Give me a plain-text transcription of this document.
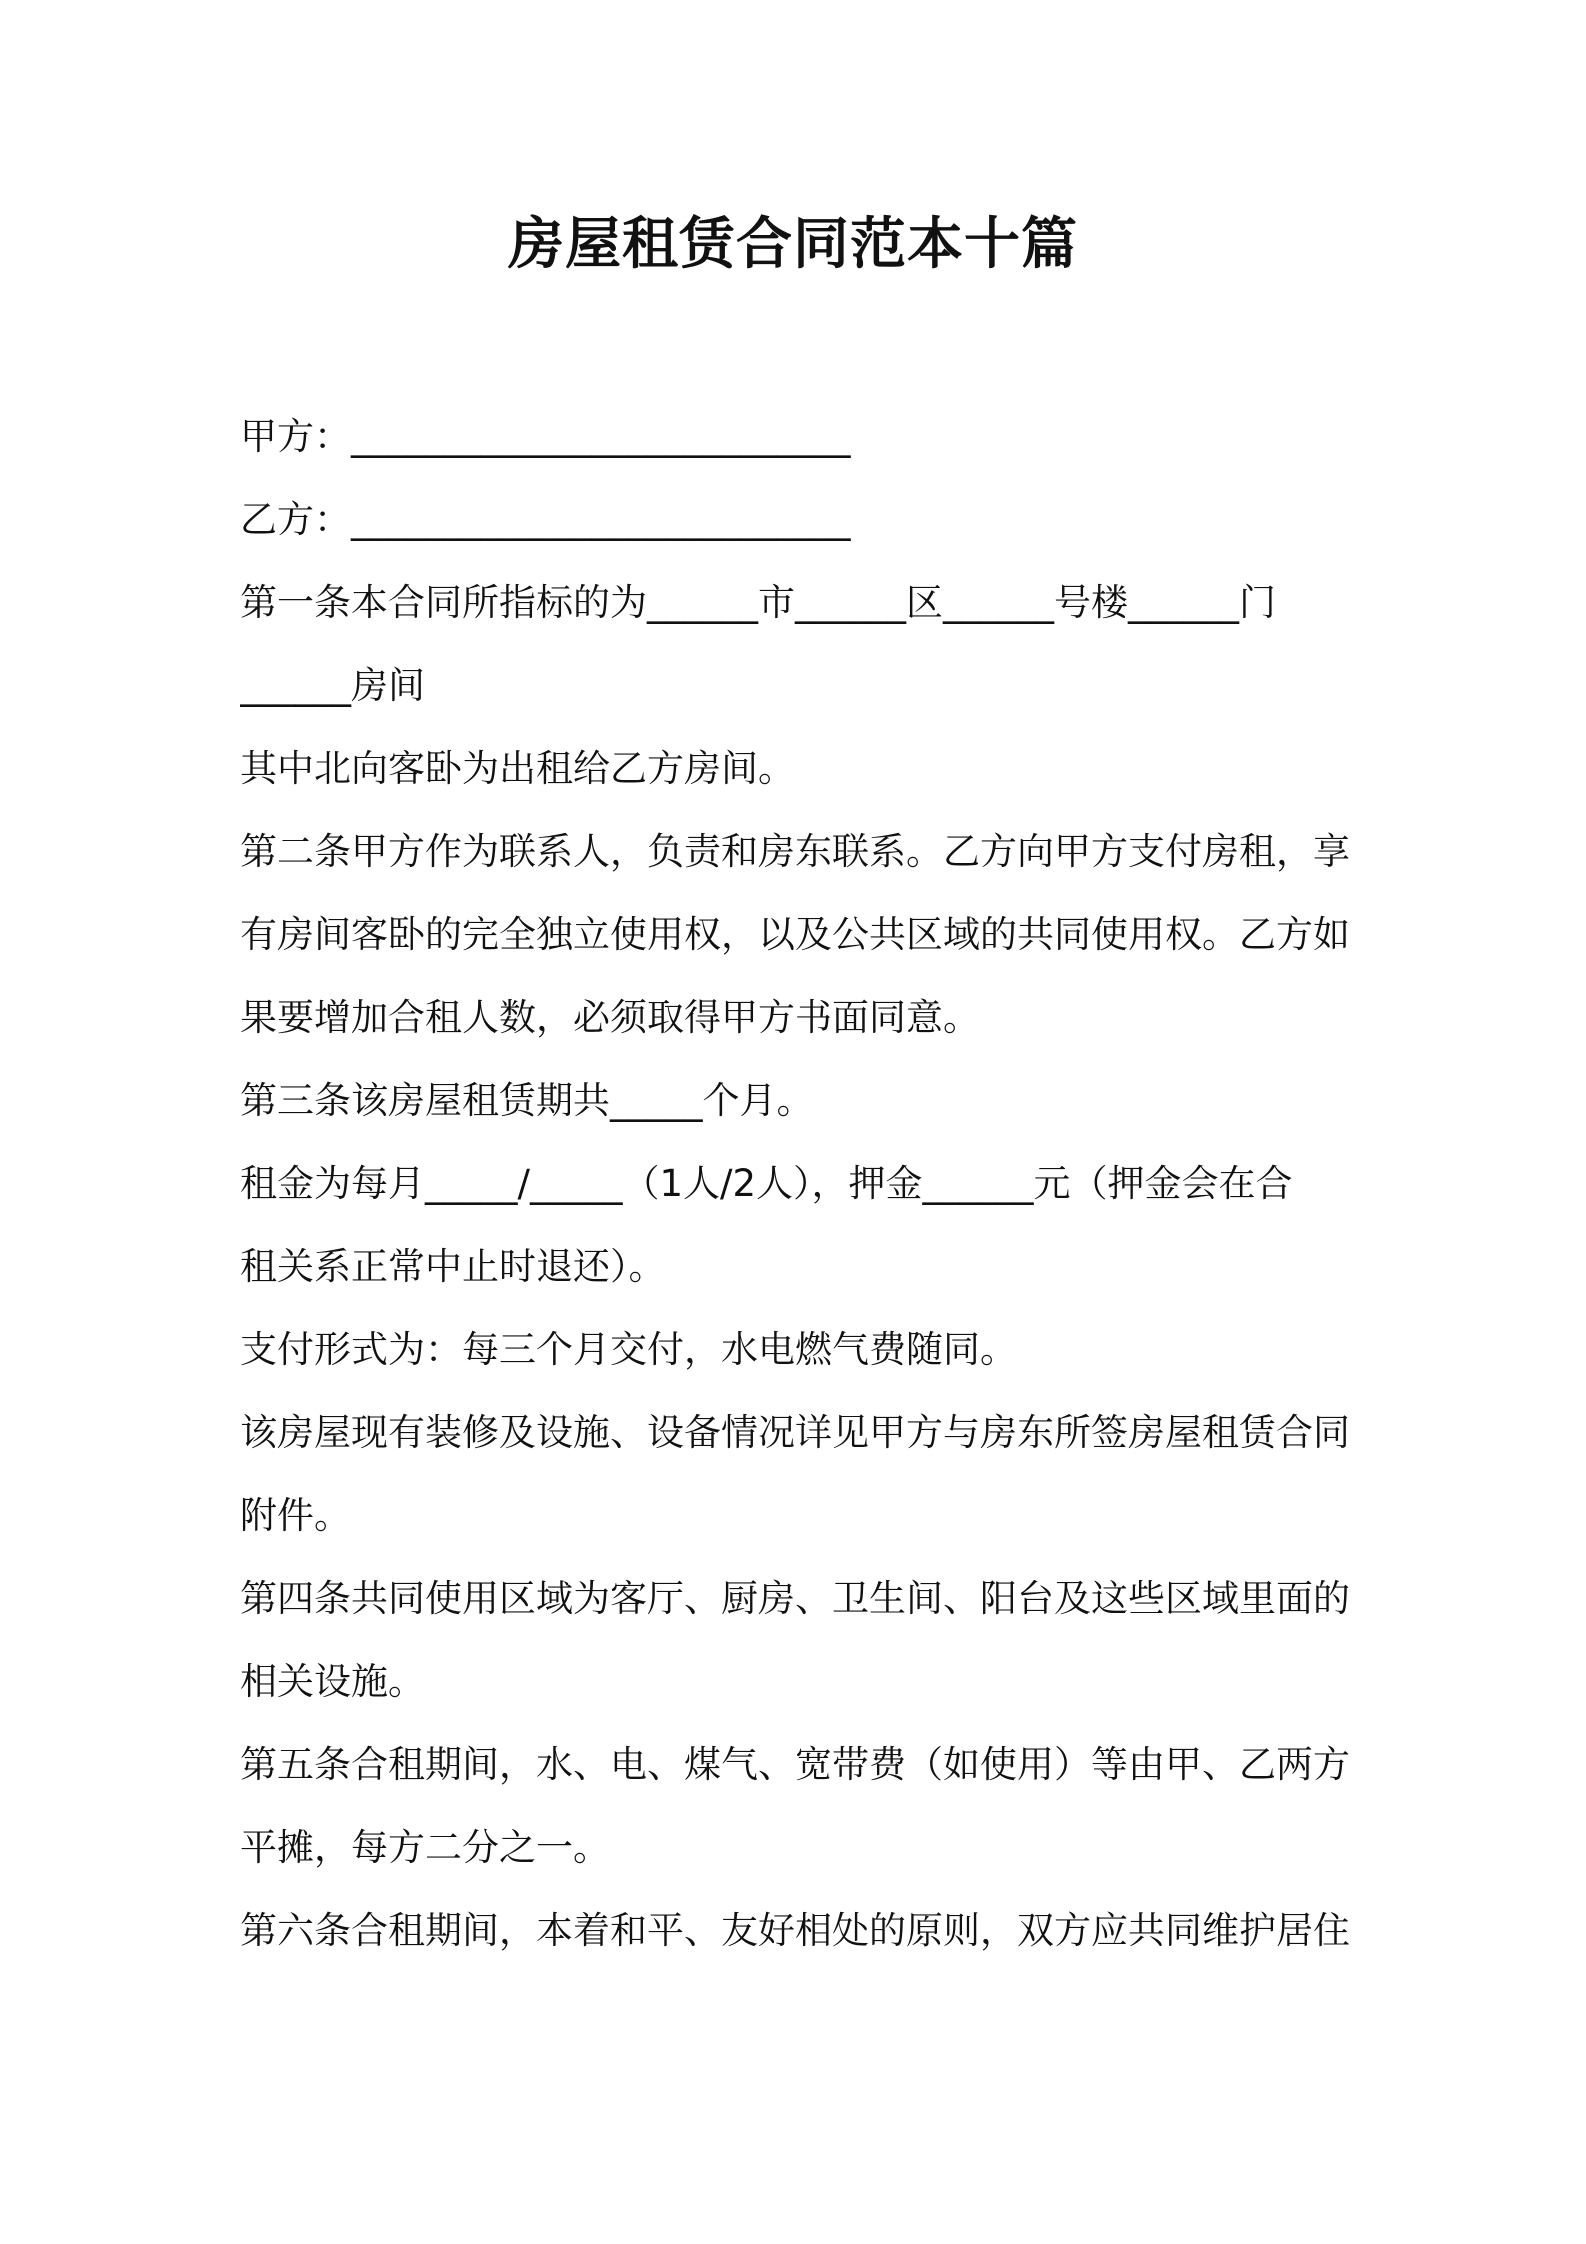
房屋租赁合同范本十篇
甲方：___________________________
乙方：___________________________
第一条本合同所指标的为______市______区______号楼______门
______房间
其中北向客卧为出租给乙方房间。
第二条甲方作为联系人，负责和房东联系。乙方向甲方支付房租，享
有房间客卧的完全独立使用权，以及公共区域的共同使用权。乙方如
果要增加合租人数，必须取得甲方书面同意。
第三条该房屋租赁期共_____个月。
租金为每月_____/_____（1人/2人），押金______元（押金会在合
租关系正常中止时退还）。
支付形式为：每三个月交付，水电燃气费随同。
该房屋现有装修及设施、设备情况详见甲方与房东所签房屋租赁合同
附件。
第四条共同使用区域为客厅、厨房、卫生间、阳台及这些区域里面的
相关设施。
第五条合租期间，水、电、煤气、宽带费（如使用）等由甲、乙两方
平摊，每方二分之一。
第六条合租期间，本着和平、友好相处的原则，双方应共同维护居住
